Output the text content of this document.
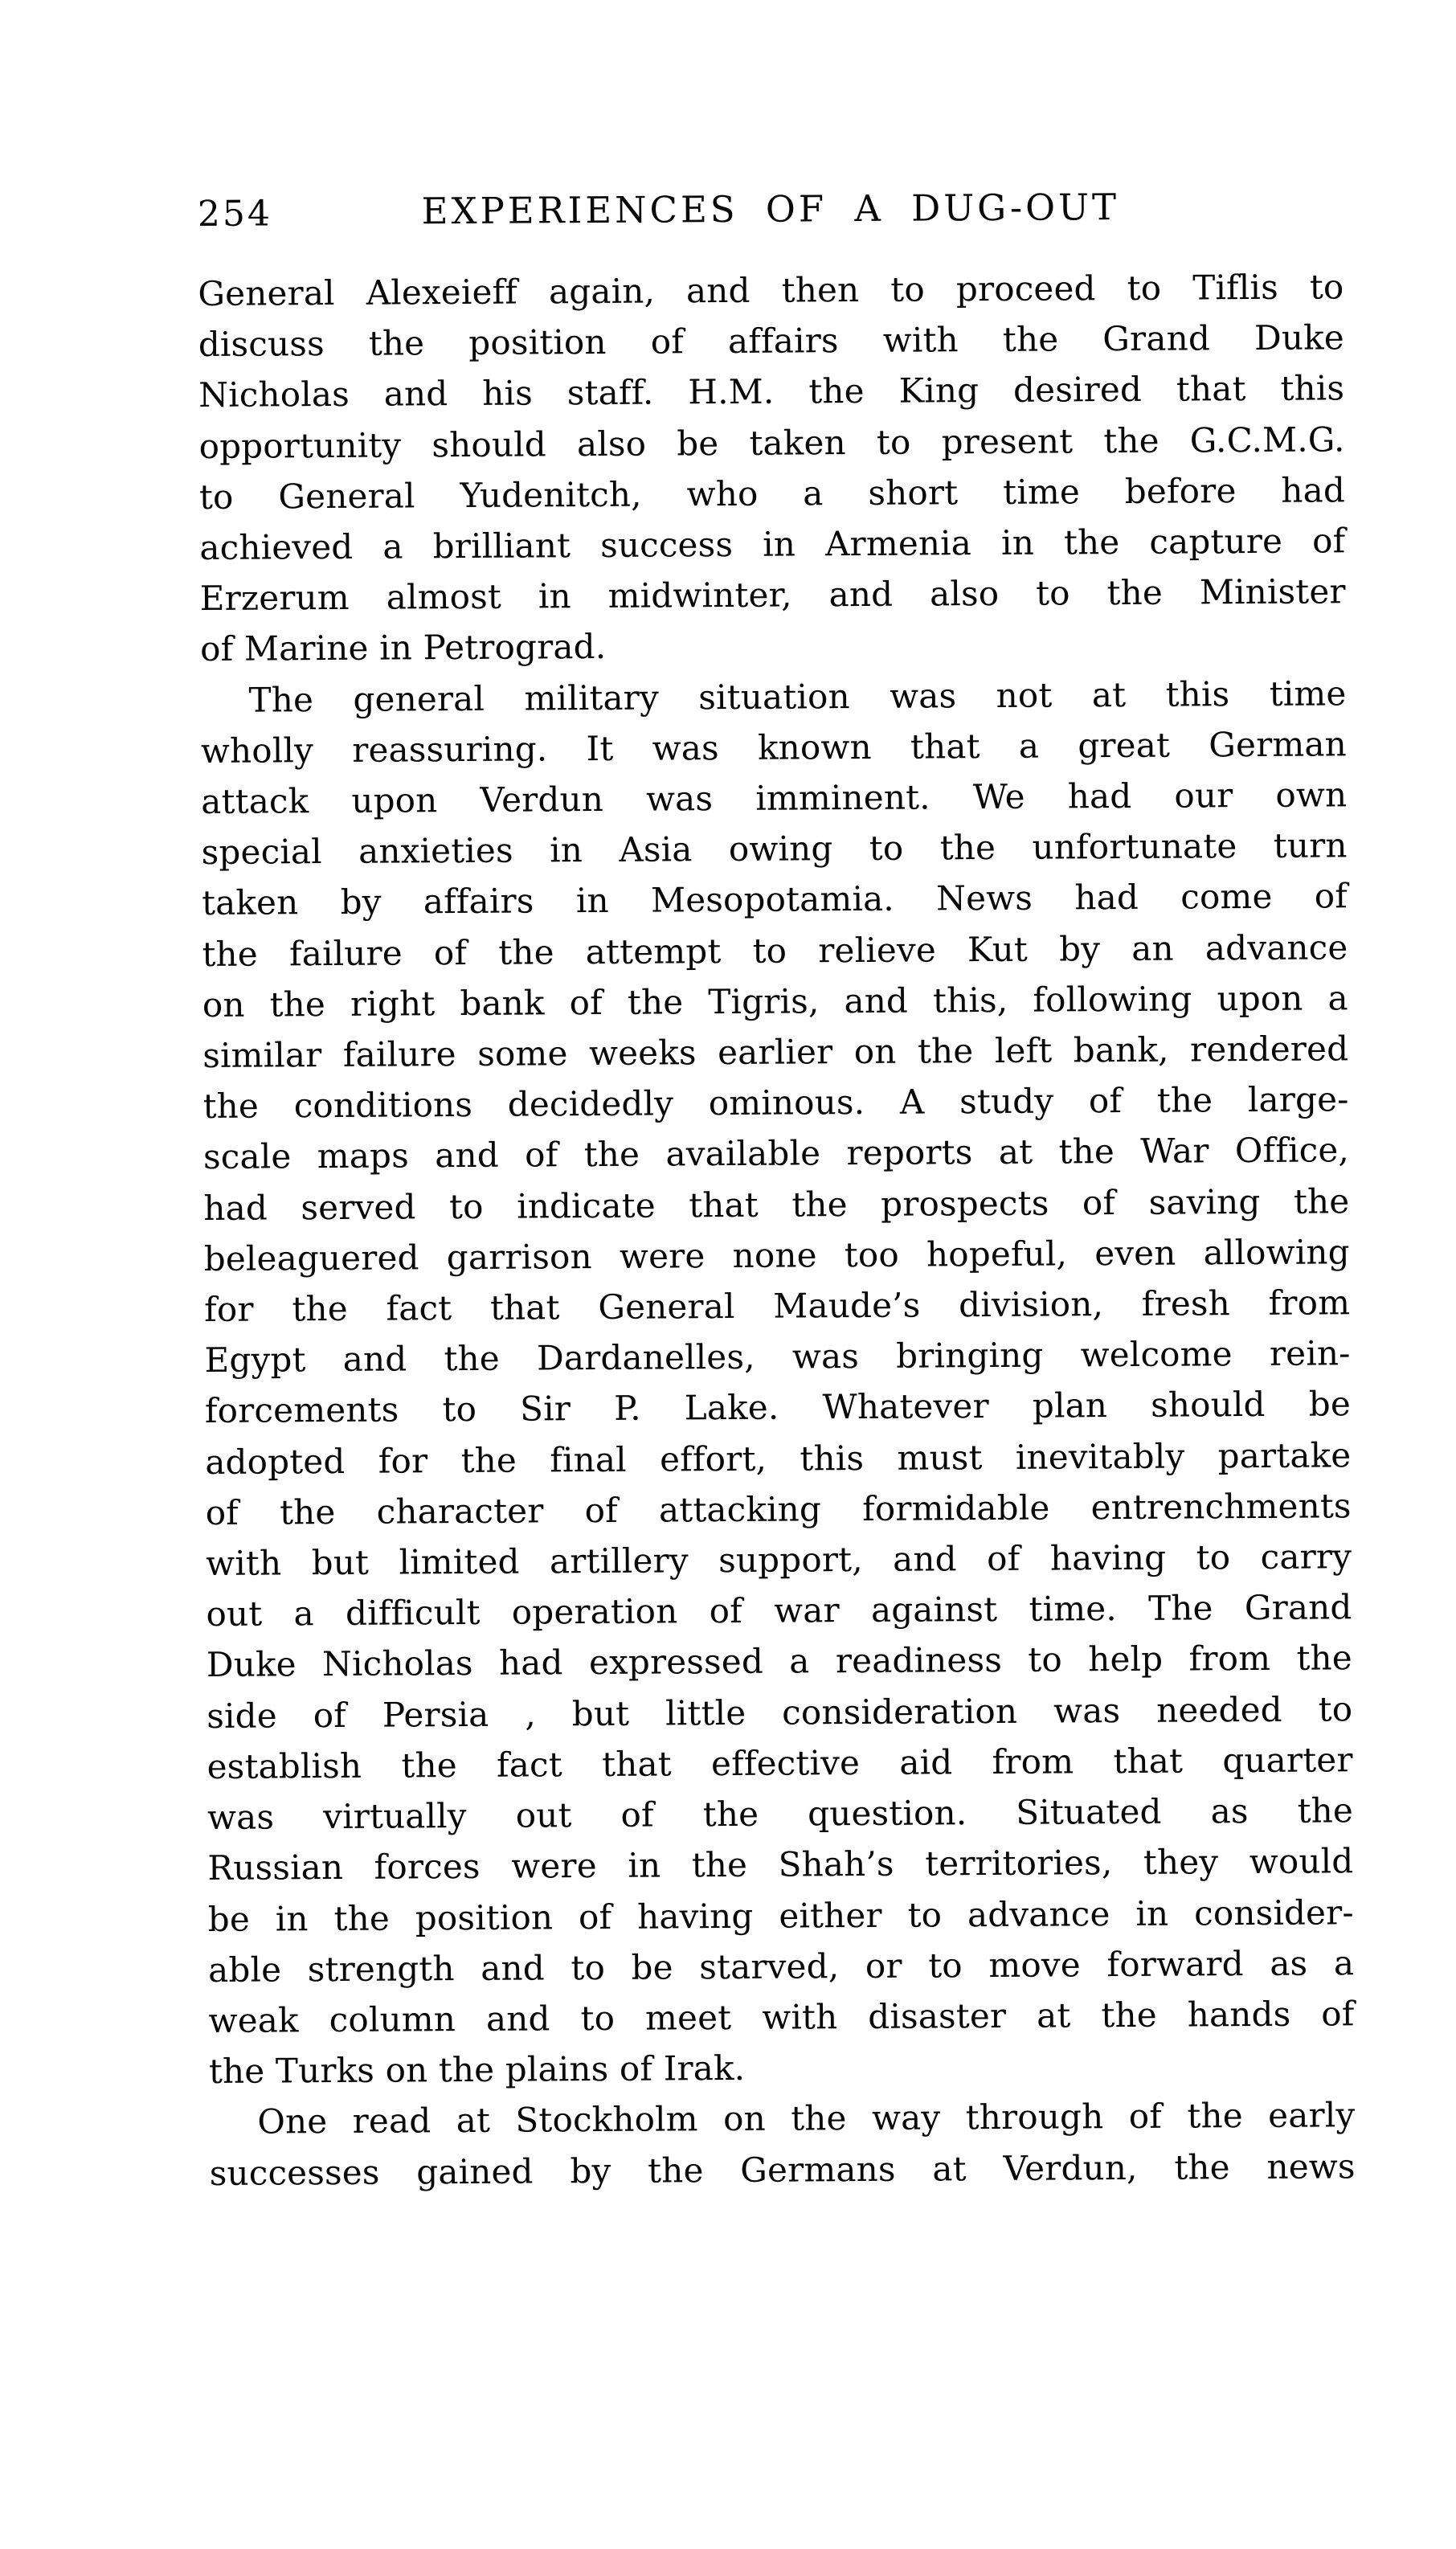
254	EXPERIENCES OF A DUG-OUT
General Alexeieff again, and then to proceed to Tiflis to
discuss the position of affairs with the Grand Duke
Nicholas and his staff. H.M. the King desired that this
opportunity should also be taken to present the G.C.M.G.
to General Yudenitch, who a short time before had
achieved a brilliant success in Armenia in the capture of
Erzerum almost in midwinter, and also to the Minister
of Marine in Petrograd.
The general military situation was not at this time
wholly reassuring. It was known that a great German
attack upon Verdun was imminent. We had our own
special anxieties in Asia owing to the unfortunate turn
taken by affairs in Mesopotamia. News had come of
the failure of the attempt to relieve Kut by an advance
on the right bank of the Tigris, and this, following upon a
similar failure some weeks earlier on the left bank, rendered
the conditions decidedly ominous. A study of the large-
scale maps and of the available reports at the War Office,
had served to indicate that the prospects of saving the
beleaguered garrison were none too hopeful, even allowing
for the fact that General Maude’s division, fresh from
Egypt and the Dardanelles, was bringing welcome rein-
forcements to Sir P. Lake. Whatever plan should be
adopted for the final effort, this must inevitably partake
of the character of attacking formidable entrenchments
with but limited artillery support, and of having to carry
out a difficult operation of war against time. The Grand
Duke Nicholas had expressed a readiness to help from the
side of Persia , but little consideration was needed to
establish the fact that effective aid from that quarter
was virtually out of the question. Situated as the
Russian forces were in the Shah’s territories, they would
be in the position of having either to advance in consider-
able strength and to be starved, or to move forward as a
weak column and to meet with disaster at the hands of
the Turks on the plains of Irak.
One read at Stockholm on the way through of the early
successes gained by the Germans at Verdun, the news
